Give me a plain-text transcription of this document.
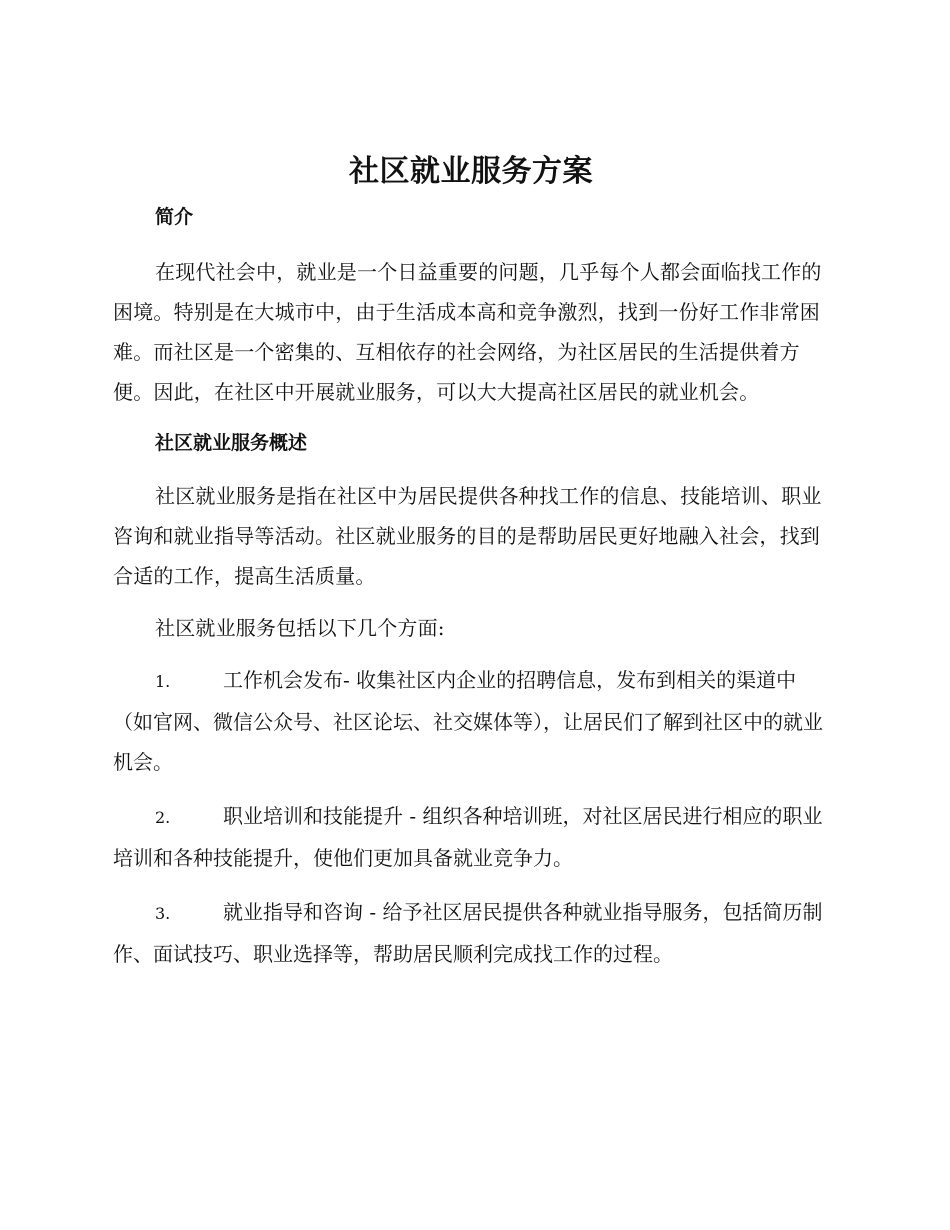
社区就业服务方案
简介

在现代社会中，就业是一个日益重要的问题，几乎每个人都会面临找工作的困境。特别是在大城市中，由于生活成本高和竞争激烈，找到一份好工作非常困难。而社区是一个密集的、互相依存的社会网络，为社区居民的生活提供着方便。因此，在社区中开展就业服务，可以大大提高社区居民的就业机会。

社区就业服务概述

社区就业服务是指在社区中为居民提供各种找工作的信息、技能培训、职业咨询和就业指导等活动。社区就业服务的目的是帮助居民更好地融入社会，找到合适的工作，提高生活质量。

社区就业服务包括以下几个方面:

1.	工作机会发布- 收集社区内企业的招聘信息，发布到相关的渠道中（如官网、微信公众号、社区论坛、社交媒体等），让居民们了解到社区中的就业机会。

2.	职业培训和技能提升 - 组织各种培训班，对社区居民进行相应的职业培训和各种技能提升，使他们更加具备就业竞争力。

3.	就业指导和咨询 - 给予社区居民提供各种就业指导服务，包括简历制作、面试技巧、职业选择等，帮助居民顺利完成找工作的过程。
